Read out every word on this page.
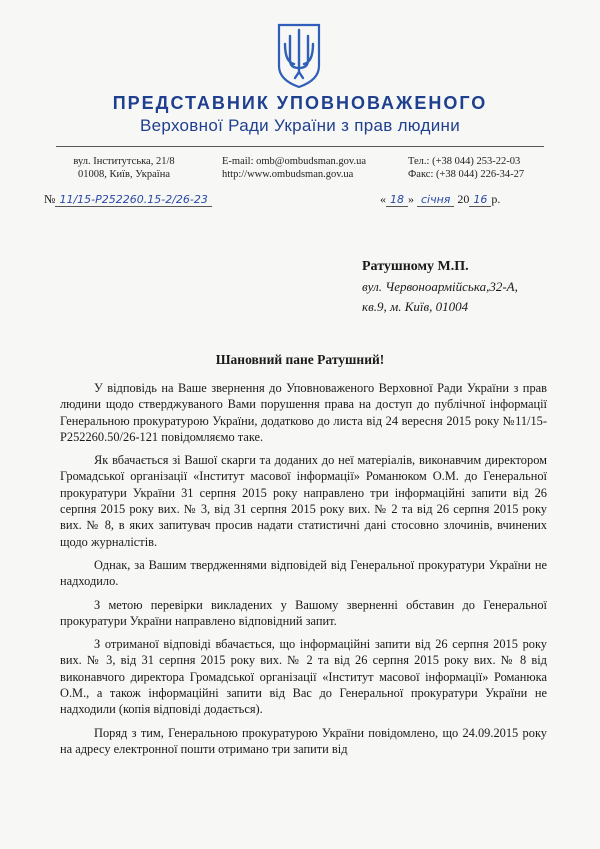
ПРЕДСТАВНИК УПОВНОВАЖЕНОГО
Верховної Ради України з прав людини
вул. Інститутська, 21/8
01008, Київ, Україна
E-mail: omb@ombudsman.gov.ua
http://www.ombudsman.gov.ua
Тел.: (+38 044) 253-22-03
Факс: (+38 044) 226-34-27
№ 11/15-P252260.15-2/26-23	« 18 » січня 20 16 р.
Ратушному М.П.
вул. Червоноармійська,32-А,
кв.9, м. Київ, 01004
Шановний пане Ратушний!

У відповідь на Ваше звернення до Уповноваженого Верховної Ради України з прав людини щодо стверджуваного Вами порушення права на доступ до публічної інформації Генеральною прокуратурою України, додатково до листа від 24 вересня 2015 року №11/15-Р252260.50/26-121 повідомляємо таке.

Як вбачається зі Вашої скарги та доданих до неї матеріалів, виконавчим директором Громадської організації «Інститут масової інформації» Романюком О.М. до Генеральної прокуратури України 31 серпня 2015 року направлено три інформаційні запити від 26 серпня 2015 року вих. № 3, від 31 серпня 2015 року вих. № 2 та від 26 серпня 2015 року вих. № 8, в яких запитувач просив надати статистичні дані стосовно злочинів, вчинених щодо журналістів.

Однак, за Вашим твердженнями відповідей від Генеральної прокуратури України не надходило.

З метою перевірки викладених у Вашому зверненні обставин до Генеральної прокуратури України направлено відповідний запит.

З отриманої відповіді вбачається, що інформаційні запити від 26 серпня 2015 року вих. № 3, від 31 серпня 2015 року вих. № 2 та від 26 серпня 2015 року вих. № 8 від виконавчого директора Громадської організації «Інститут масової інформації» Романюка О.М., а також інформаційні запити від Вас до Генеральної прокуратури України не надходили (копія відповіді додається).

Поряд з тим, Генеральною прокуратурою України повідомлено, що 24.09.2015 року на адресу електронної пошти отримано три запити від
